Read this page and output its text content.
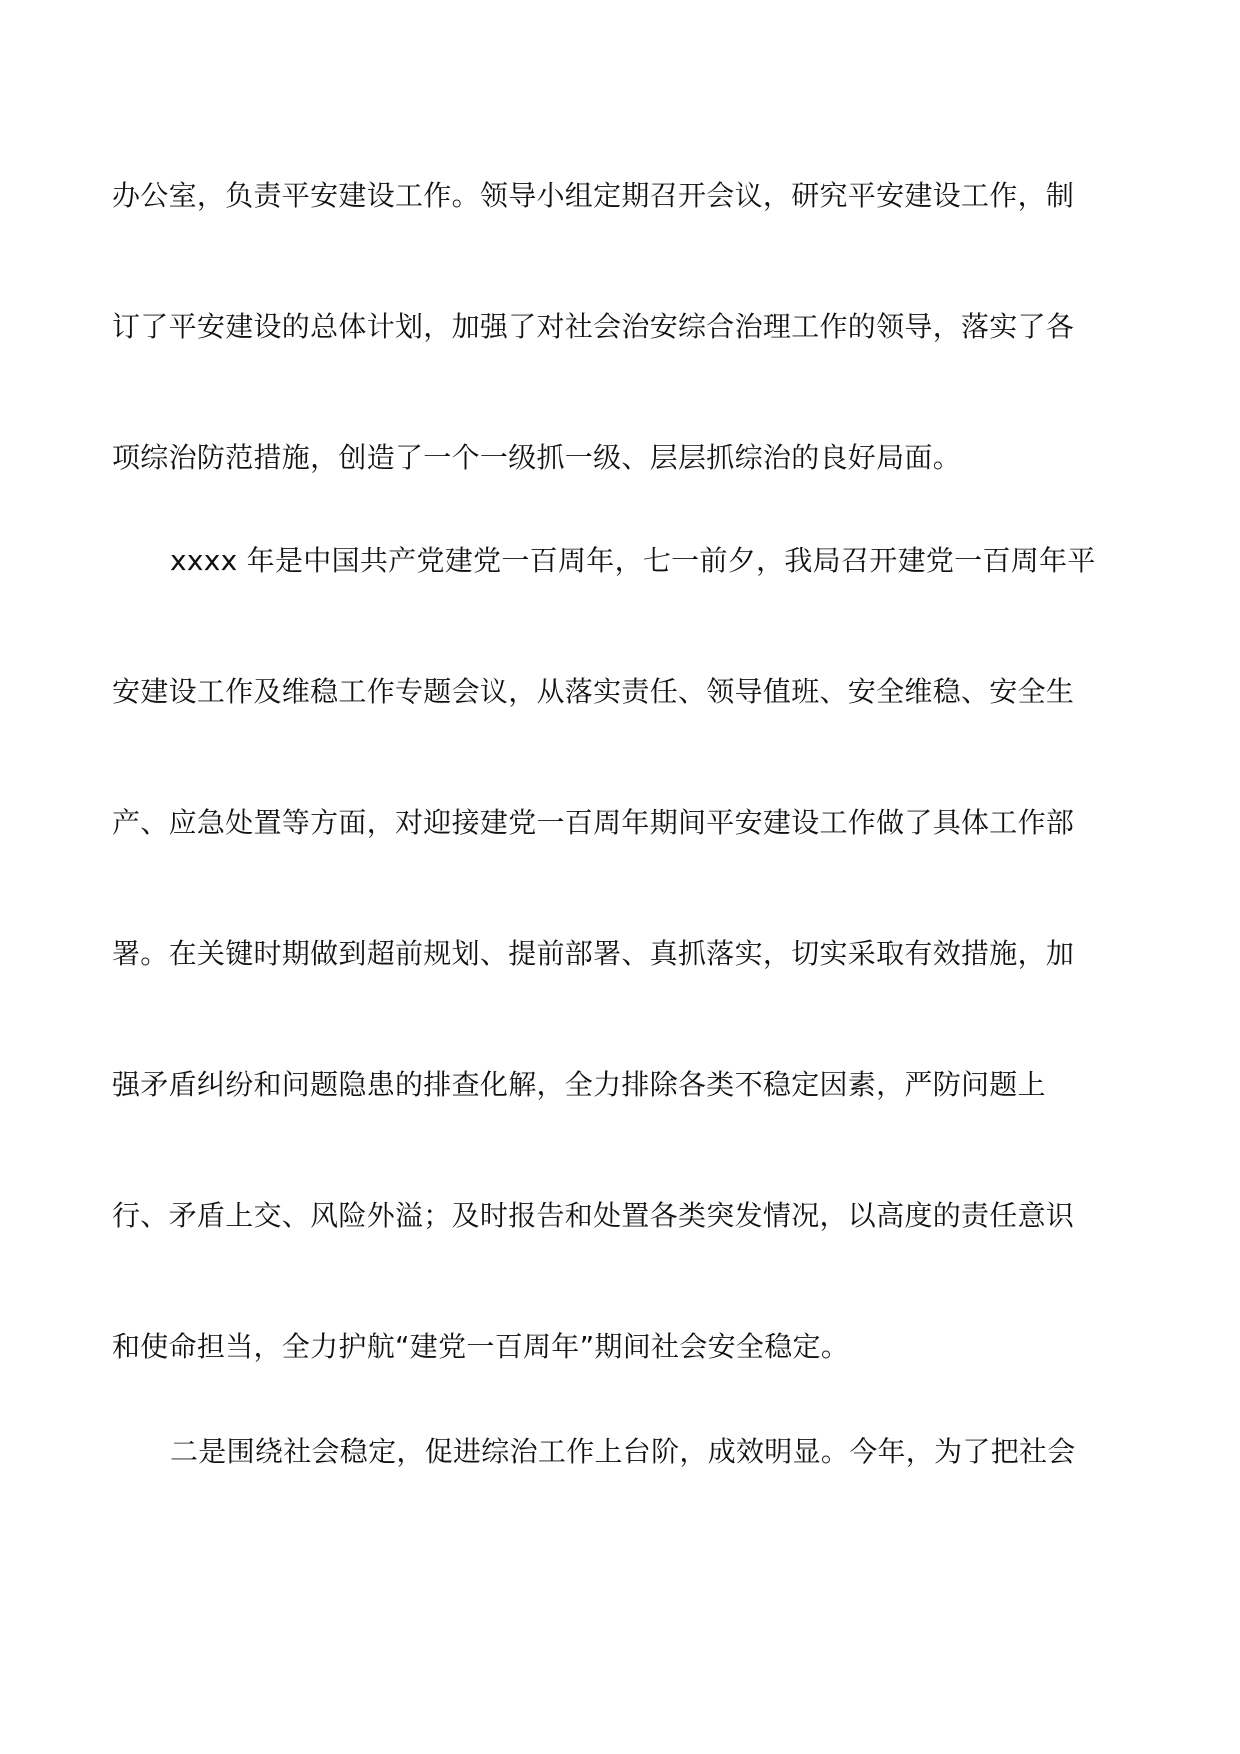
办公室，负责平安建设工作。领导小组定期召开会议，研究平安建设工作，制
订了平安建设的总体计划，加强了对社会治安综合治理工作的领导，落实了各
项综治防范措施，创造了一个一级抓一级、层层抓综治的良好局面。
xxxx 年是中国共产党建党一百周年，七一前夕，我局召开建党一百周年平
安建设工作及维稳工作专题会议，从落实责任、领导值班、安全维稳、安全生
产、应急处置等方面，对迎接建党一百周年期间平安建设工作做了具体工作部
署。在关键时期做到超前规划、提前部署、真抓落实，切实采取有效措施，加
强矛盾纠纷和问题隐患的排查化解，全力排除各类不稳定因素，严防问题上
行、矛盾上交、风险外溢；及时报告和处置各类突发情况，以高度的责任意识
和使命担当，全力护航“建党一百周年”期间社会安全稳定。
二是围绕社会稳定，促进综治工作上台阶，成效明显。今年，为了把社会
